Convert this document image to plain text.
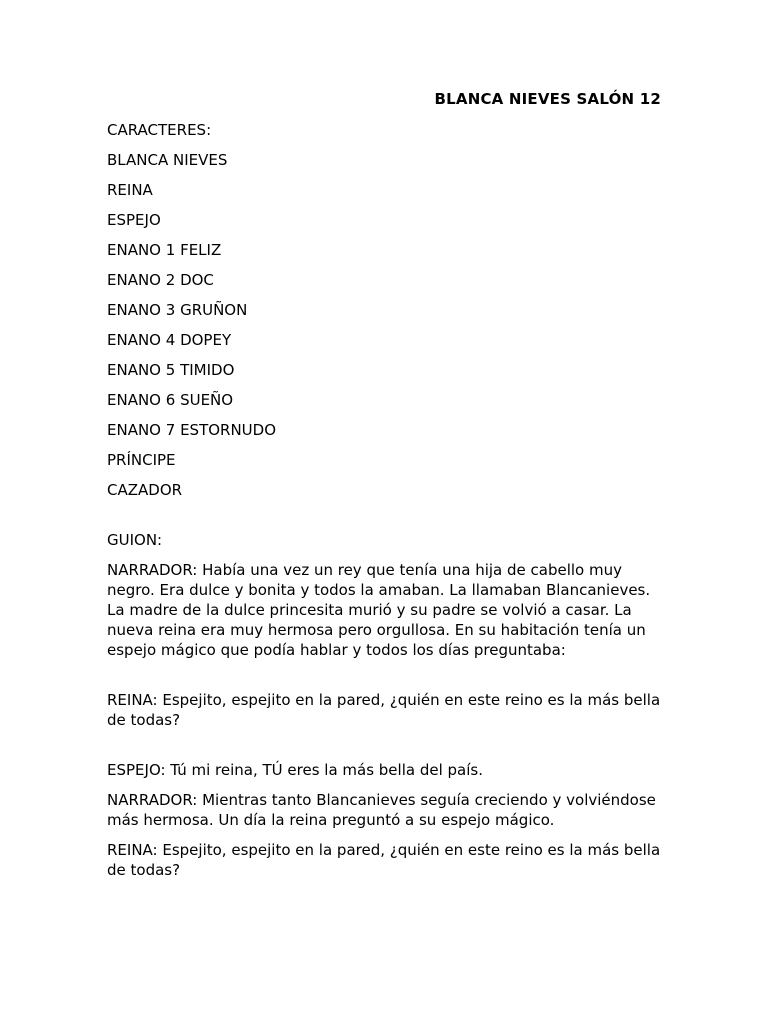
BLANCA NIEVES SALÓN 12

CARACTERES:

BLANCA NIEVES

REINA

ESPEJO

ENANO 1 FELIZ

ENANO 2 DOC

ENANO 3 GRUÑON

ENANO 4 DOPEY

ENANO 5 TIMIDO

ENANO 6 SUEÑO

ENANO 7 ESTORNUDO

PRÍNCIPE

CAZADOR

GUION:

NARRADOR: Había una vez un rey que tenía una hija de cabello muy negro. Era dulce y bonita y todos la amaban. La llamaban Blancanieves. La madre de la dulce princesita murió y su padre se volvió a casar. La nueva reina era muy hermosa pero orgullosa. En su habitación tenía un espejo mágico que podía hablar y todos los días preguntaba:

REINA: Espejito, espejito en la pared, ¿quién en este reino es la más bella de todas?

ESPEJO: Tú mi reina, TÚ eres la más bella del país.

NARRADOR: Mientras tanto Blancanieves seguía creciendo y volviéndose más hermosa. Un día la reina preguntó a su espejo mágico.

REINA: Espejito, espejito en la pared, ¿quién en este reino es la más bella de todas?
